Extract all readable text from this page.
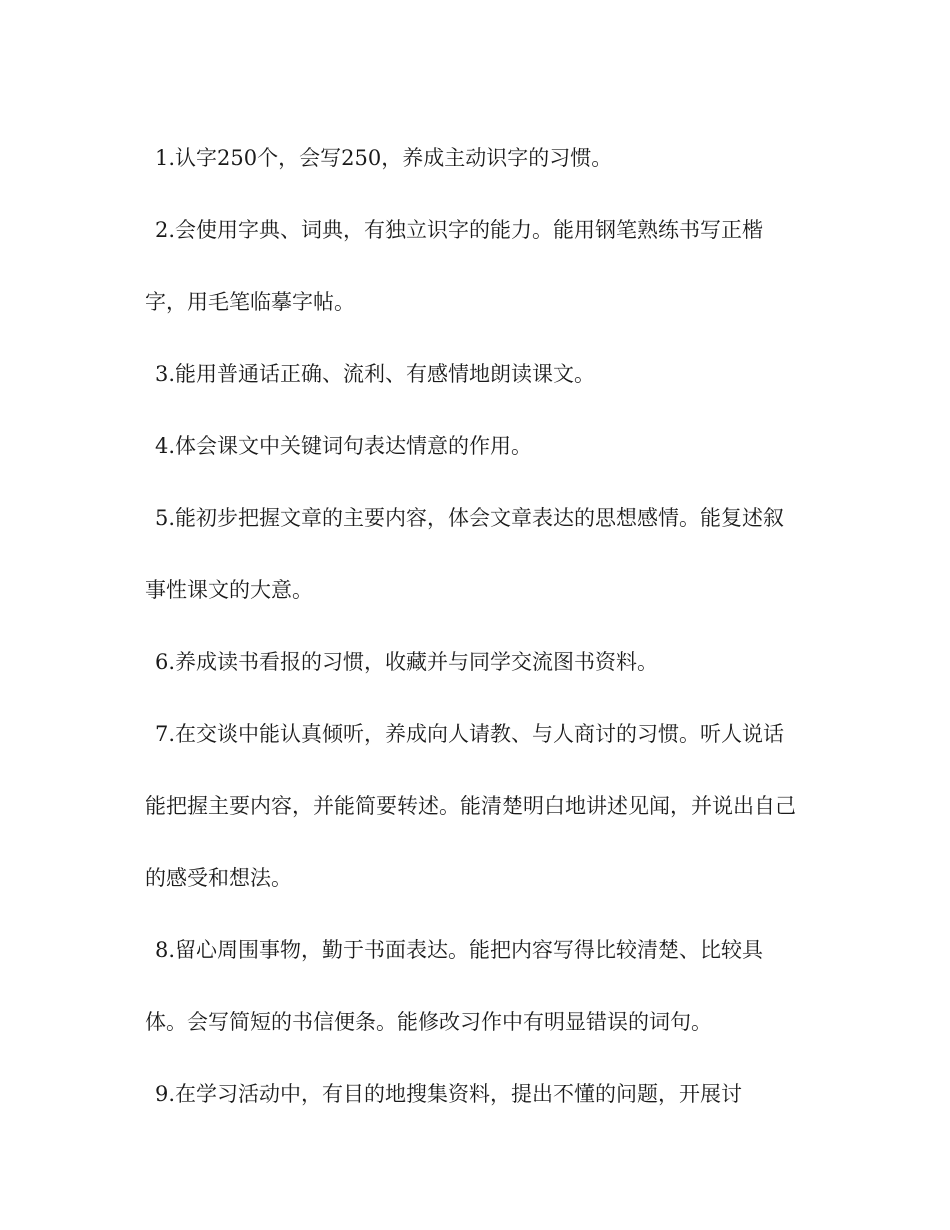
1.认字250个，会写250，养成主动识字的习惯。

2.会使用字典、词典，有独立识字的能力。能用钢笔熟练书写正楷字，用毛笔临摹字帖。

3.能用普通话正确、流利、有感情地朗读课文。

4.体会课文中关键词句表达情意的作用。

5.能初步把握文章的主要内容，体会文章表达的思想感情。能复述叙事性课文的大意。

6.养成读书看报的习惯，收藏并与同学交流图书资料。

7.在交谈中能认真倾听，养成向人请教、与人商讨的习惯。听人说话能把握主要内容，并能简要转述。能清楚明白地讲述见闻，并说出自己的感受和想法。

8.留心周围事物，勤于书面表达。能把内容写得比较清楚、比较具体。会写简短的书信便条。能修改习作中有明显错误的词句。

9.在学习活动中，有目的地搜集资料，提出不懂的问题，开展讨
